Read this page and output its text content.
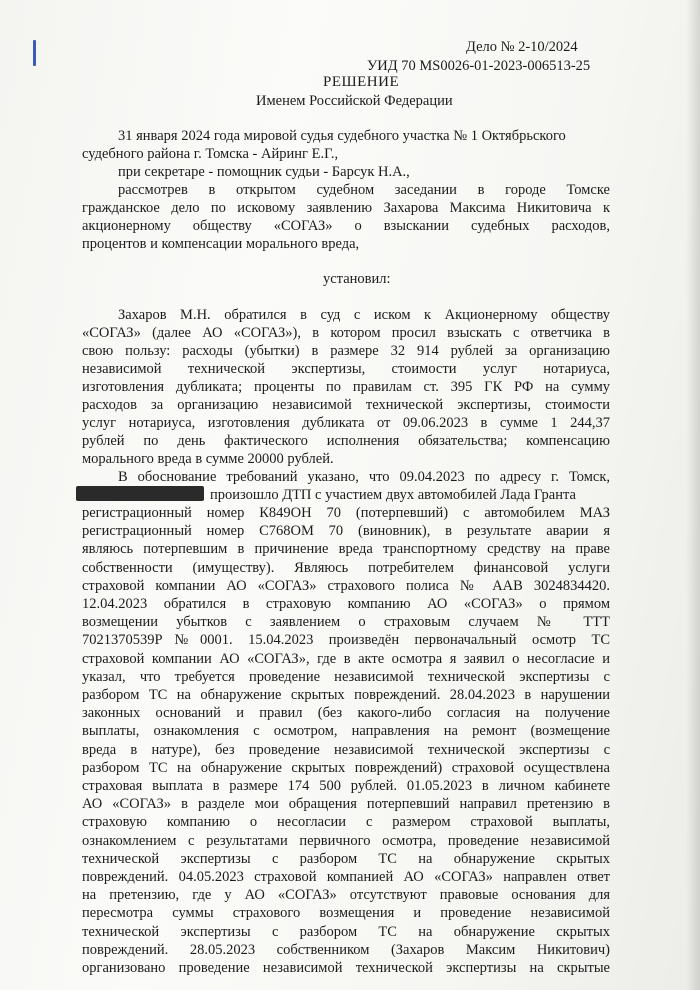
Дело № 2-10/2024
УИД 70 MS0026-01-2023-006513-25
РЕШЕНИЕ
Именем Российской Федерации
31 января 2024 года мировой судья судебного участка № 1 Октябрьского
судебного района г. Томска - Айринг Е.Г.,
при секретаре - помощник судьи - Барсук Н.А.,
рассмотрев в открытом судебном заседании в городе Томске
гражданское дело по исковому заявлению Захарова Максима Никитовича к
акционерному обществу «СОГАЗ» о взыскании судебных расходов,
процентов и компенсации морального вреда,
установил:
Захаров М.Н. обратился в суд с иском к Акционерному обществу
«СОГАЗ» (далее АО «СОГАЗ»), в котором просил взыскать с ответчика в
свою пользу: расходы (убытки) в размере 32 914 рублей за организацию
независимой технической экспертизы, стоимости услуг нотариуса,
изготовления дубликата; проценты по правилам ст. 395 ГК РФ на сумму
расходов за организацию независимой технической экспертизы, стоимости
услуг нотариуса, изготовления дубликата от 09.06.2023 в сумме 1 244,37
рублей по день фактического исполнения обязательства; компенсацию
морального вреда в сумме 20000 рублей.
В обоснование требований указано, что 09.04.2023 по адресу г. Томск,
произошло ДТП с участием двух автомобилей Лада Гранта
регистрационный номер К849ОН 70 (потерпевший) с автомобилем МАЗ
регистрационный номер С768ОМ 70 (виновник), в результате аварии я
являюсь потерпевшим в причинение вреда транспортному средству на праве
собственности (имуществу). Являюсь потребителем финансовой услуги
страховой компании АО «СОГАЗ» страхового полиса № ААВ 3024834420.
12.04.2023 обратился в страховую компанию АО «СОГАЗ» о прямом
возмещении убытков с заявлением о страховым случаем № ТТТ
7021370539P№0001. 15.04.2023 произведён первоначальный осмотр ТС
страховой компании АО «СОГАЗ», где в акте осмотра я заявил о несогласие и
указал, что требуется проведение независимой технической экспертизы с
разбором ТС на обнаружение скрытых повреждений. 28.04.2023 в нарушении
законных оснований и правил (без какого-либо согласия на получение
выплаты, ознакомления с осмотром, направления на ремонт (возмещение
вреда в натуре), без проведение независимой технической экспертизы с
разбором ТС на обнаружение скрытых повреждений) страховой осуществлена
страховая выплата в размере 174 500 рублей. 01.05.2023 в личном кабинете
АО «СОГАЗ» в разделе мои обращения потерпевший направил претензию в
страховую компанию о несогласии с размером страховой выплаты,
ознакомлением с результатами первичного осмотра, проведение независимой
технической экспертизы с разбором ТС на обнаружение скрытых
повреждений. 04.05.2023 страховой компанией АО «СОГАЗ» направлен ответ
на претензию, где у АО «СОГАЗ» отсутствуют правовые основания для
пересмотра суммы страхового возмещения и проведение независимой
технической экспертизы с разбором ТС на обнаружение скрытых
повреждений. 28.05.2023 собственником (Захаров Максим Никитович)
организовано проведение независимой технической экспертизы на скрытые
